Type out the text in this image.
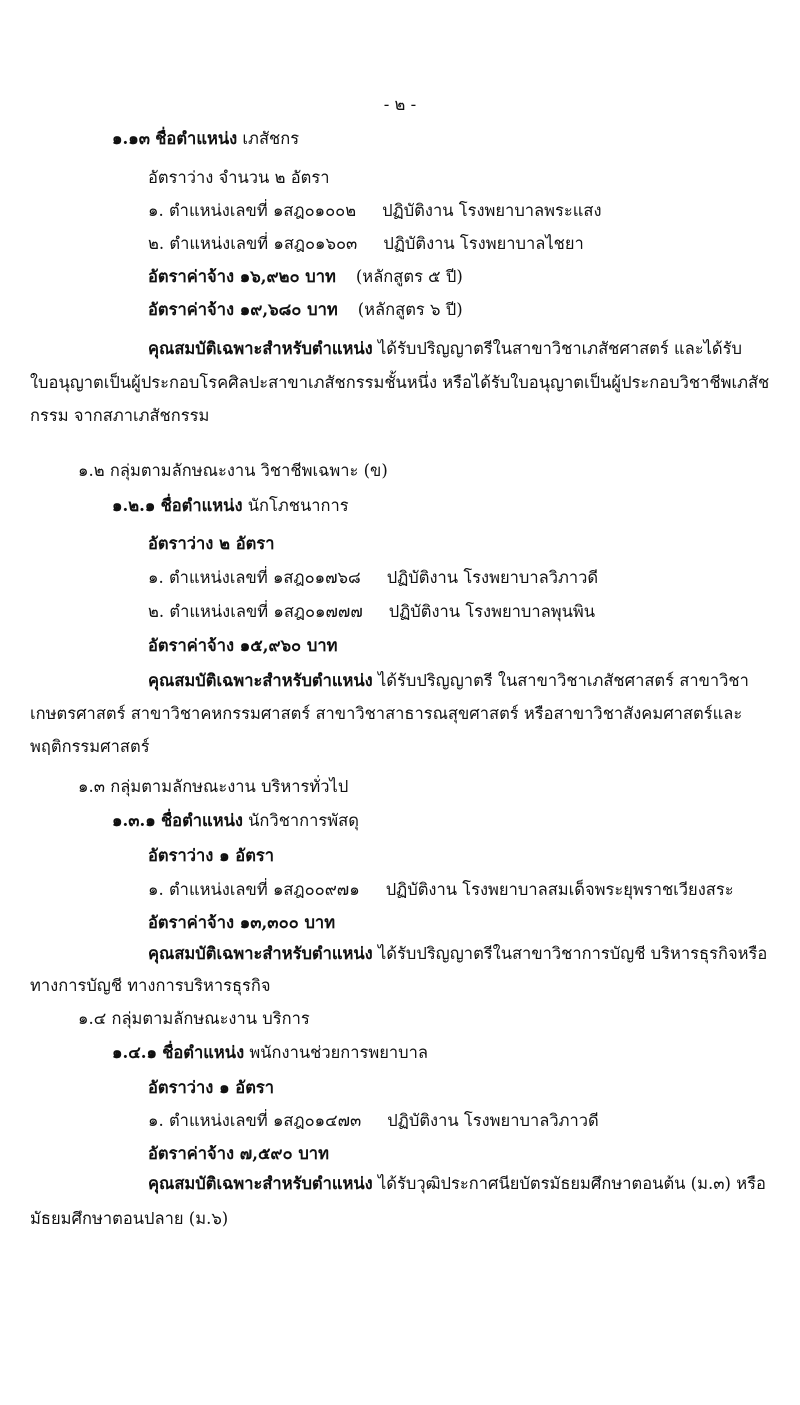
- ๒ -
๑.๑๓ ชื่อตำแหน่ง เภสัชกร
อัตราว่าง จำนวน ๒ อัตรา
๑. ตำแหน่งเลขที่ ๑สฎ๐๑๐๐๒ ปฏิบัติงาน โรงพยาบาลพระแสง
๒. ตำแหน่งเลขที่ ๑สฎ๐๑๖๐๓ ปฏิบัติงาน โรงพยาบาลไชยา
อัตราค่าจ้าง ๑๖,๙๒๐ บาท (หลักสูตร ๕ ปี)
อัตราค่าจ้าง ๑๙,๖๘๐ บาท (หลักสูตร ๖ ปี)
คุณสมบัติเฉพาะสำหรับตำแหน่ง ได้รับปริญญาตรีในสาขาวิชาเภสัชศาสตร์ และได้รับ
ใบอนุญาตเป็นผู้ประกอบโรคศิลปะสาขาเภสัชกรรมชั้นหนึ่ง หรือได้รับใบอนุญาตเป็นผู้ประกอบวิชาชีพเภสัช
กรรม จากสภาเภสัชกรรม
๑.๒ กลุ่มตามลักษณะงาน วิชาชีพเฉพาะ (ข)
๑.๒.๑ ชื่อตำแหน่ง นักโภชนาการ
อัตราว่าง ๒ อัตรา
๑. ตำแหน่งเลขที่ ๑สฎ๐๑๗๖๘ ปฏิบัติงาน โรงพยาบาลวิภาวดี
๒. ตำแหน่งเลขที่ ๑สฎ๐๑๗๗๗ ปฏิบัติงาน โรงพยาบาลพุนพิน
อัตราค่าจ้าง ๑๕,๙๖๐ บาท
คุณสมบัติเฉพาะสำหรับตำแหน่ง ได้รับปริญญาตรี ในสาขาวิชาเภสัชศาสตร์ สาขาวิชา
เกษตรศาสตร์ สาขาวิชาคหกรรมศาสตร์ สาขาวิชาสาธารณสุขศาสตร์ หรือสาขาวิชาสังคมศาสตร์และ
พฤติกรรมศาสตร์
๑.๓ กลุ่มตามลักษณะงาน บริหารทั่วไป
๑.๓.๑ ชื่อตำแหน่ง นักวิชาการพัสดุ
อัตราว่าง ๑ อัตรา
๑. ตำแหน่งเลขที่ ๑สฎ๐๐๙๗๑ ปฏิบัติงาน โรงพยาบาลสมเด็จพระยุพราชเวียงสระ
อัตราค่าจ้าง ๑๓,๓๐๐ บาท
คุณสมบัติเฉพาะสำหรับตำแหน่ง ได้รับปริญญาตรีในสาขาวิชาการบัญชี บริหารธุรกิจหรือ
ทางการบัญชี ทางการบริหารธุรกิจ
๑.๔ กลุ่มตามลักษณะงาน บริการ
๑.๔.๑ ชื่อตำแหน่ง พนักงานช่วยการพยาบาล
อัตราว่าง ๑ อัตรา
๑. ตำแหน่งเลขที่ ๑สฎ๐๑๔๗๓ ปฏิบัติงาน โรงพยาบาลวิภาวดี
อัตราค่าจ้าง ๗,๕๙๐ บาท
คุณสมบัติเฉพาะสำหรับตำแหน่ง ได้รับวุฒิประกาศนียบัตรมัธยมศึกษาตอนต้น (ม.๓) หรือ
มัธยมศึกษาตอนปลาย (ม.๖)
